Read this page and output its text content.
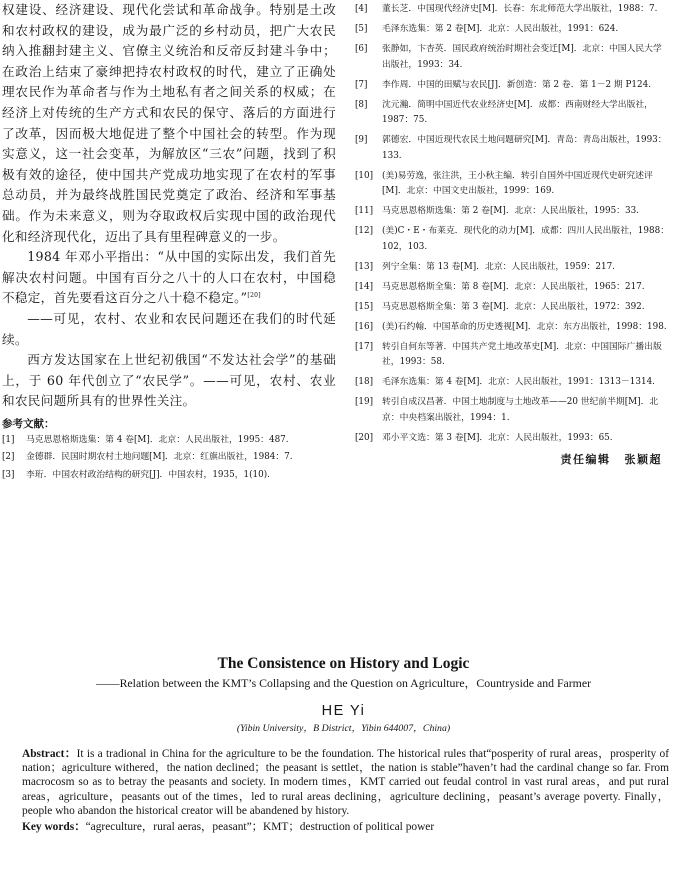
权建设、经济建设、现代化尝试和革命战争。特别是土改和农村政权的建设，成为最广泛的乡村动员，把广大农民纳入推翻封建主义、官僚主义统治和反帝反封建斗争中；在政治上结束了豪绅把持农村政权的时代，建立了正确处理农民作为革命者与作为土地私有者之间关系的权威；在经济上对传统的生产方式和农民的保守、落后的方面进行了改革，因而极大地促进了整个中国社会的转型。作为现实意义，这一社会变革，为解放区“三农”问题，找到了积极有效的途径，使中国共产党成功地实现了在农村的军事总动员，并为最终战胜国民党奠定了政治、经济和军事基础。作为未来意义，则为夺取政权后实现中国的政治现代化和经济现代化，迈出了具有里程碑意义的一步。

1984 年邓小平指出：“从中国的实际出发，我们首先解决农村问题。中国有百分之八十的人口在农村，中国稳不稳定，首先要看这百分之八十稳不稳定。”[20]

——可见，农村、农业和农民问题还在我们的时代延续。

西方发达国家在上世纪初俄国“不发达社会学”的基础上，于 60 年代创立了“农民学”。——可见，农村、农业和农民问题所具有的世界性关注。

参考文献：
[1] 马克思恩格斯选集：第 4 卷[M]．北京：人民出版社，1995：487.
[2] 金德群．民国时期农村土地问题[M]．北京：红旗出版社，1984：7.
[3] 李珩．中国农村政治结构的研究[J]．中国农村，1935，1(10).
[4] 董长芝．中国现代经济史[M]．长春：东北师范大学出版社，1988：7.
[5] 毛泽东选集：第 2 卷[M]．北京：人民出版社，1991：624.
[6] 张静如，卞杏英．国民政府统治时期社会变迁[M]．北京：中国人民大学出版社，1993：34.
[7] 李作周．中国的田赋与农民[J]．新创造：第 2 卷．第 1－2 期 P124.
[8] 沈元瀚．简明中国近代农业经济史[M]．成都：西南财经大学出版社，1987：75.
[9] 郭德宏．中国近现代农民土地问题研究[M]．青岛：青岛出版社，1993：133.
[10] (美)易劳逸，张注洪，王小秋主编．转引自国外中国近现代史研究述评[M]．北京：中国文史出版社，1999：169.
[11] 马克思恩格斯选集：第 2 卷[M]．北京：人民出版社，1995：33.
[12] (美)C・E・布莱克．现代化的动力[M]．成都：四川人民出版社，1988：102，103.
[13] 列宁全集：第 13 卷[M]．北京：人民出版社，1959：217.
[14] 马克思恩格斯全集：第 8 卷[M]．北京：人民出版社，1965：217.
[15] 马克思恩格斯全集：第 3 卷[M]．北京：人民出版社，1972：392.
[16] (美)石约翰．中国革命的历史透视[M]．北京：东方出版社，1998：198.
[17] 转引自何东等著．中国共产党土地改革史[M]．北京：中国国际广播出版社，1993：58.
[18] 毛泽东选集：第 4 卷[M]．北京：人民出版社，1991：1313－1314.
[19] 转引自成汉昌著．中国土地制度与土地改革——20 世纪前半期[M]．北京：中央档案出版社，1994：1.
[20] 邓小平文选：第 3 卷[M]．北京：人民出版社，1993：65.
责任编辑 张颖超
The Consistence on History and Logic
——Relation between the KMT’s Collapsing and the Question on Agriculture，Countryside and Farmer
HE Yi
(Yibin University，B District，Yibin 644007，China)

Abstract：It is a tradional in China for the agriculture to be the foundation. The historical rules that“posperity of rural areas，prosperity of nation；agriculture withered，the nation declined；the peasant is settlet，the nation is stable”haven’t had the cardinal change so far. From macrocosm so as to betray the peasants and society. In modern times，KMT carried out feudal control in vast rural areas，and put rural areas，agriculture，peasants out of the times，led to rural areas declining，agriculture declining，peasant’s average poverty. Finally，people who abandon the historical creator will be abandened by history.

Key words：“agreculture，rural aeras，peasant”；KMT；destruction of political power
